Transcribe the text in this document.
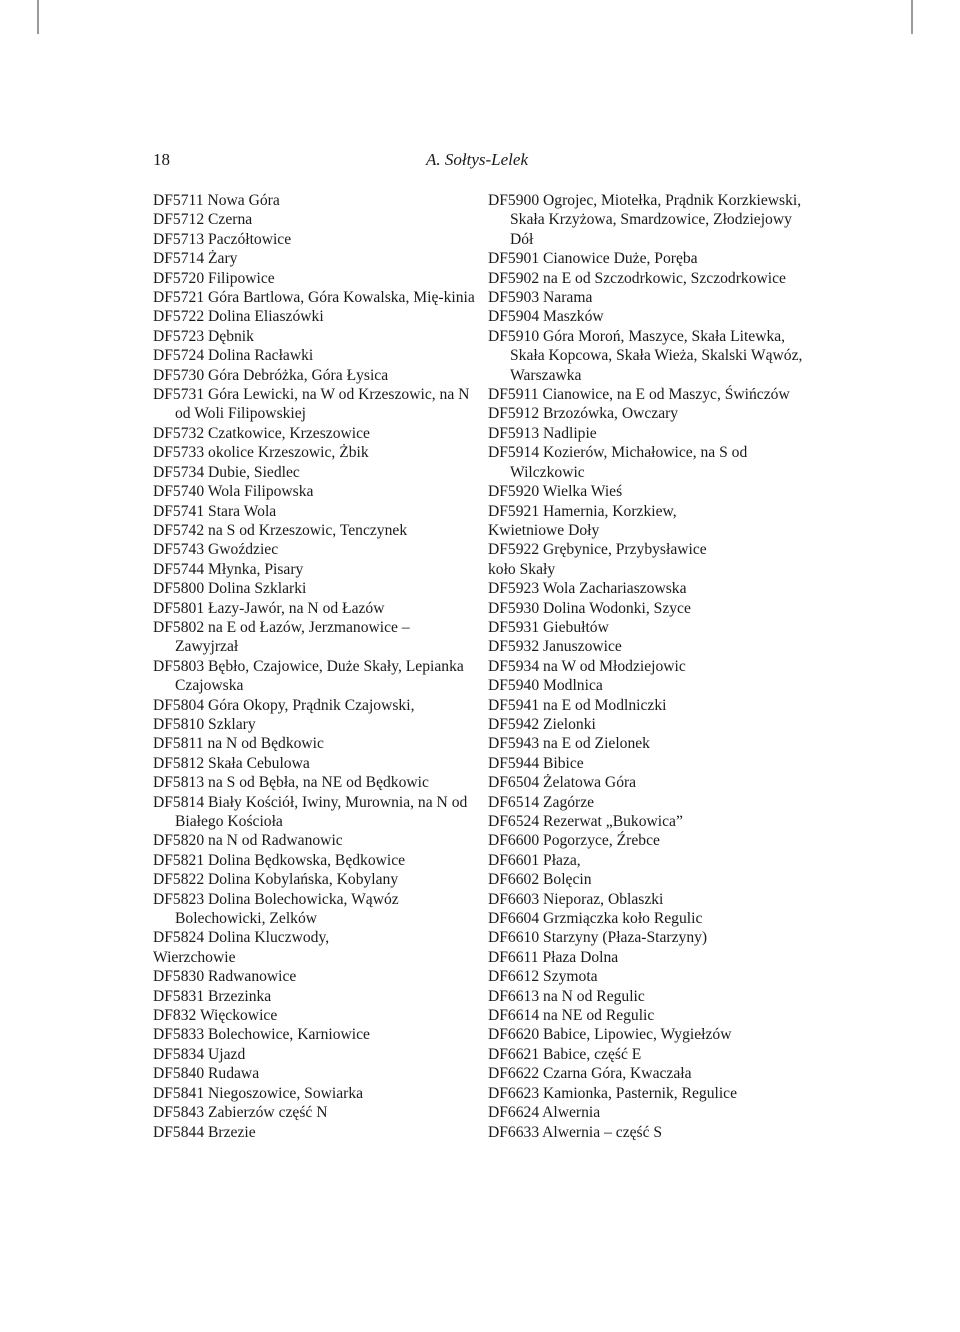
18	A. Sołtys-Lelek
DF5711 Nowa Góra
DF5712 Czerna
DF5713 Paczółtowice
DF5714 Żary
DF5720 Filipowice
DF5721 Góra Bartlowa, Góra Kowalska, Mię-kinia
DF5722 Dolina Eliaszówki
DF5723 Dębnik
DF5724 Dolina Racławki
DF5730 Góra Debróżka, Góra Łysica
DF5731 Góra Lewicki, na W od Krzeszowic, na N od Woli Filipowskiej
DF5732 Czatkowice, Krzeszowice
DF5733 okolice Krzeszowic, Żbik
DF5734 Dubie, Siedlec
DF5740 Wola Filipowska
DF5741 Stara Wola
DF5742 na S od Krzeszowic, Tenczynek
DF5743 Gwoździec
DF5744 Młynka, Pisary
DF5800 Dolina Szklarki
DF5801 Łazy-Jawór, na N od Łazów
DF5802 na E od Łazów, Jerzmanowice – Zawyjrzał
DF5803 Bębło, Czajowice, Duże Skały, Lepianka Czajowska
DF5804 Góra Okopy, Prądnik Czajowski,
DF5810 Szklary
DF5811 na N od Będkowic
DF5812 Skała Cebulowa
DF5813 na S od Bębła, na NE od Będkowic
DF5814 Biały Kościół, Iwiny, Murownia, na N od Białego Kościoła
DF5820 na N od Radwanowic
DF5821 Dolina Będkowska, Będkowice
DF5822 Dolina Kobylańska, Kobylany
DF5823 Dolina Bolechowicka, Wąwóz Bolechowicki, Zelków
DF5824 Dolina Kluczwody,
Wierzchowie
DF5830 Radwanowice
DF5831 Brzezinka
DF832 Więckowice
DF5833 Bolechowice, Karniowice
DF5834 Ujazd
DF5840 Rudawa
DF5841 Niegoszowice, Sowiarka
DF5843 Zabierzów część N
DF5844 Brzezie
DF5900 Ogrojec, Miotełka, Prądnik Korzkiewski, Skała Krzyżowa, Smardzowice, Złodziejowy Dół
DF5901 Cianowice Duże, Poręba
DF5902 na E od Szczodrkowic, Szczodrkowice
DF5903 Narama
DF5904 Maszków
DF5910 Góra Moroń, Maszyce, Skała Litewka, Skała Kopcowa, Skała Wieża, Skalski Wąwóz, Warszawka
DF5911 Cianowice, na E od Maszyc, Świńczów
DF5912 Brzozówka, Owczary
DF5913 Nadlipie
DF5914 Kozierów, Michałowice, na S od Wilczkowic
DF5920 Wielka Wieś
DF5921 Hamernia, Korzkiew,
Kwietniowe Doły
DF5922 Grębynice, Przybysławice
koło Skały
DF5923 Wola Zachariaszowska
DF5930 Dolina Wodonki, Szyce
DF5931 Giebułtów
DF5932 Januszowice
DF5934 na W od Młodziejowic
DF5940 Modlnica
DF5941 na E od Modlniczki
DF5942 Zielonki
DF5943 na E od Zielonek
DF5944 Bibice
DF6504 Żelatowa Góra
DF6514 Zagórze
DF6524 Rezerwat „Bukowica”
DF6600 Pogorzyce, Źrebce
DF6601 Płaza,
DF6602 Bolęcin
DF6603 Nieporaz, Oblaszki
DF6604 Grzmiączka koło Regulic
DF6610 Starzyny (Płaza-Starzyny)
DF6611 Płaza Dolna
DF6612 Szymota
DF6613 na N od Regulic
DF6614 na NE od Regulic
DF6620 Babice, Lipowiec, Wygiełzów
DF6621 Babice, część E
DF6622 Czarna Góra, Kwaczała
DF6623 Kamionka, Pasternik, Regulice
DF6624 Alwernia
DF6633 Alwernia – część S
